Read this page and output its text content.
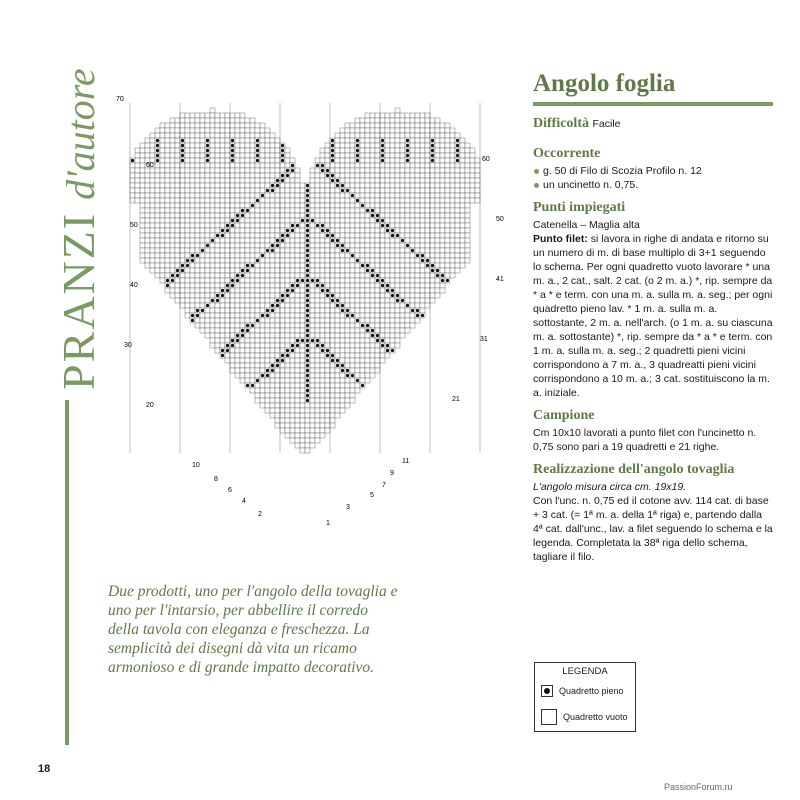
PRANZId'autore 70
60
50
40
30
20
10
8
6
4
2
60
50
41
31
21
11
9
7
5
3
1
Angolo foglia
Difficoltà Facile
Occorrente

g. 50 di Filo di Scozia Profilo n. 12

un uncinetto n. 0,75.

Punti impiegati

Catenella – Maglia alta

Punto filet: si lavora in righe di andata e ritorno su un numero di m. di base multiplo di 3+1 seguendo lo schema. Per ogni quadretto vuoto lavorare * una m. a., 2 cat., salt. 2 cat. (o 2 m. a.) *, rip. sempre da * a * e term. con una m. a. sulla m. a. seg.; per ogni quadretto pieno lav. * 1 m. a. sulla m. a. sottostante, 2 m. a. nell'arch. (o 1 m. a. su ciascuna m. a. sottostante) *, rip. sempre da * a * e term. con 1 m. a. sulla m. a. seg.; 2 quadretti pieni vicini corrispondono a 7 m. a., 3 quadreatti pieni vicini corrispondono a 10 m. a.; 3 cat. sostituiscono la m. a. iniziale.

Campione

Cm 10x10 lavorati a punto filet con l'uncinetto n. 0,75 sono pari a 19 quadretti e 21 righe.

Realizzazione dell'angolo tovaglia

L'angolo misura circa cm. 19x19.

Con l'unc. n. 0,75 ed il cotone avv. 114 cat. di base + 3 cat. (= 1ª m. a. della 1ª riga) e, partendo dalla 4ª cat. dall'unc., lav. a filet seguendo lo schema e la legenda. Completata la 38ª riga dello schema, tagliare il filo.

Due prodotti, uno per l'angolo della tovaglia e uno per l'intarsio, per abbellire il corredo della tavola con eleganza e freschezza. La semplicità dei disegni dà vita un ricamo armonioso e di grande impatto decorativo.	LEGENDA
Quadretto pieno
Quadretto vuoto
18
PassionForum.ru
